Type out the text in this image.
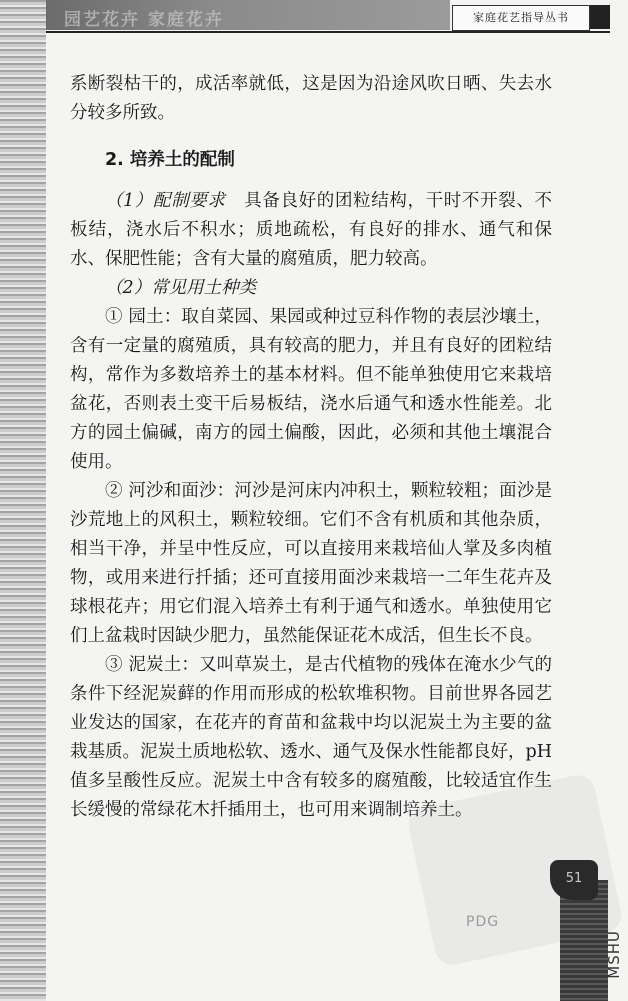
园艺花卉 家庭花卉	家庭花艺指导丛书
PDG

系断裂枯干的，成活率就低，这是因为沿途风吹日晒、失去水分较多所致。

2. 培养土的配制

（1）配制要求 具备良好的团粒结构，干时不开裂、不板结，浇水后不积水；质地疏松，有良好的排水、通气和保水、保肥性能；含有大量的腐殖质，肥力较高。

（2）常见用土种类

① 园土：取自菜园、果园或种过豆科作物的表层沙壤土，含有一定量的腐殖质，具有较高的肥力，并且有良好的团粒结构，常作为多数培养土的基本材料。但不能单独使用它来栽培盆花，否则表土变干后易板结，浇水后通气和透水性能差。北方的园土偏碱，南方的园土偏酸，因此，必须和其他土壤混合使用。

② 河沙和面沙：河沙是河床内冲积土，颗粒较粗；面沙是沙荒地上的风积土，颗粒较细。它们不含有机质和其他杂质，相当干净，并呈中性反应，可以直接用来栽培仙人掌及多肉植物，或用来进行扦插；还可直接用面沙来栽培一二年生花卉及球根花卉；用它们混入培养土有利于通气和透水。单独使用它们上盆栽时因缺少肥力，虽然能保证花木成活，但生长不良。

③ 泥炭土：又叫草炭土，是古代植物的残体在淹水少气的条件下经泥炭藓的作用而形成的松软堆积物。目前世界各园艺业发达的国家，在花卉的育苗和盆栽中均以泥炭土为主要的盆栽基质。泥炭土质地松软、透水、通气及保水性能都良好，pH 值多呈酸性反应。泥炭土中含有较多的腐殖酸，比较适宜作生长缓慢的常绿花木扦插用土，也可用来调制培养土。

51
MSHU
